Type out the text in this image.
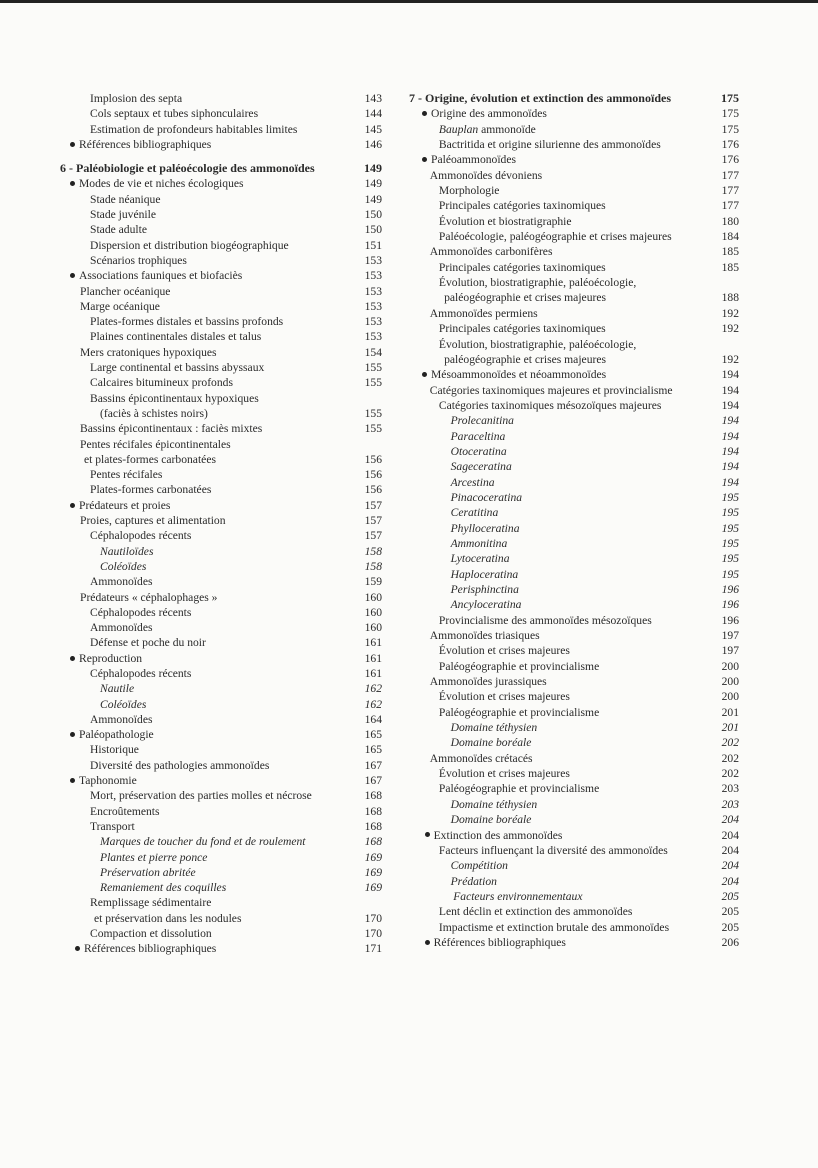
Implosion des septa	143
Cols septaux et tubes siphonculaires	144
Estimation de profondeurs habitables limites	145
Références bibliographiques	146
6 - Paléobiologie et paléoécologie des ammonoïdes	149
Modes de vie et niches écologiques	149
Stade néanique	149
Stade juvénile	150
Stade adulte	150
Dispersion et distribution biogéographique	151
Scénarios trophiques	153
Associations fauniques et biofaciès	153
Plancher océanique	153
Marge océanique	153
Plates-formes distales et bassins profonds	153
Plaines continentales distales et talus	153
Mers cratoniques hypoxiques	154
Large continental et bassins abyssaux	155
Calcaires bitumineux profonds	155
Bassins épicontinentaux hypoxiques
(faciès à schistes noirs)	155
Bassins épicontinentaux : faciès mixtes	155
Pentes récifales épicontinentales
et plates-formes carbonatées	156
Pentes récifales	156
Plates-formes carbonatées	156
Prédateurs et proies	157
Proies, captures et alimentation	157
Céphalopodes récents	157
Nautiloïdes	158
Coléoïdes	158
Ammonoïdes	159
Prédateurs « céphalophages »	160
Céphalopodes récents	160
Ammonoïdes	160
Défense et poche du noir	161
Reproduction	161
Céphalopodes récents	161
Nautile	162
Coléoïdes	162
Ammonoïdes	164
Paléopathologie	165
Historique	165
Diversité des pathologies ammonoïdes	167
Taphonomie	167
Mort, préservation des parties molles et nécrose	168
Encroûtements	168
Transport	168
Marques de toucher du fond et de roulement	168
Plantes et pierre ponce	169
Préservation abritée	169
Remaniement des coquilles	169
Remplissage sédimentaire
et préservation dans les nodules	170
Compaction et dissolution	170
Références bibliographiques	171
7 - Origine, évolution et extinction des ammonoïdes	175
Origine des ammonoïdes	175
Bauplan ammonoïde	175
Bactritida et origine silurienne des ammonoïdes	176
Paléoammonoïdes	176
Ammonoïdes dévoniens	177
Morphologie	177
Principales catégories taxinomiques	177
Évolution et biostratigraphie	180
Paléoécologie, paléogéographie et crises majeures	184
Ammonoïdes carbonifères	185
Principales catégories taxinomiques	185
Évolution, biostratigraphie, paléoécologie,
paléogéographie et crises majeures	188
Ammonoïdes permiens	192
Principales catégories taxinomiques	192
Évolution, biostratigraphie, paléoécologie,
paléogéographie et crises majeures	192
Mésoammonoïdes et néoammonoïdes	194
Catégories taxinomiques majeures et provincialisme	194
Catégories taxinomiques mésozoïques majeures	194
Prolecanitina	194
Paraceltina	194
Otoceratina	194
Sageceratina	194
Arcestina	194
Pinacoceratina	195
Ceratitina	195
Phylloceratina	195
Ammonitina	195
Lytoceratina	195
Haploceratina	195
Perisphinctina	196
Ancyloceratina	196
Provincialisme des ammonoïdes mésozoïques	196
Ammonoïdes triasiques	197
Évolution et crises majeures	197
Paléogéographie et provincialisme	200
Ammonoïdes jurassiques	200
Évolution et crises majeures	200
Paléogéographie et provincialisme	201
Domaine téthysien	201
Domaine boréale	202
Ammonoïdes crétacés	202
Évolution et crises majeures	202
Paléogéographie et provincialisme	203
Domaine téthysien	203
Domaine boréale	204
Extinction des ammonoïdes	204
Facteurs influençant la diversité des ammonoïdes	204
Compétition	204
Prédation	204
Facteurs environnementaux	205
Lent déclin et extinction des ammonoïdes	205
Impactisme et extinction brutale des ammonoïdes	205
Références bibliographiques	206
